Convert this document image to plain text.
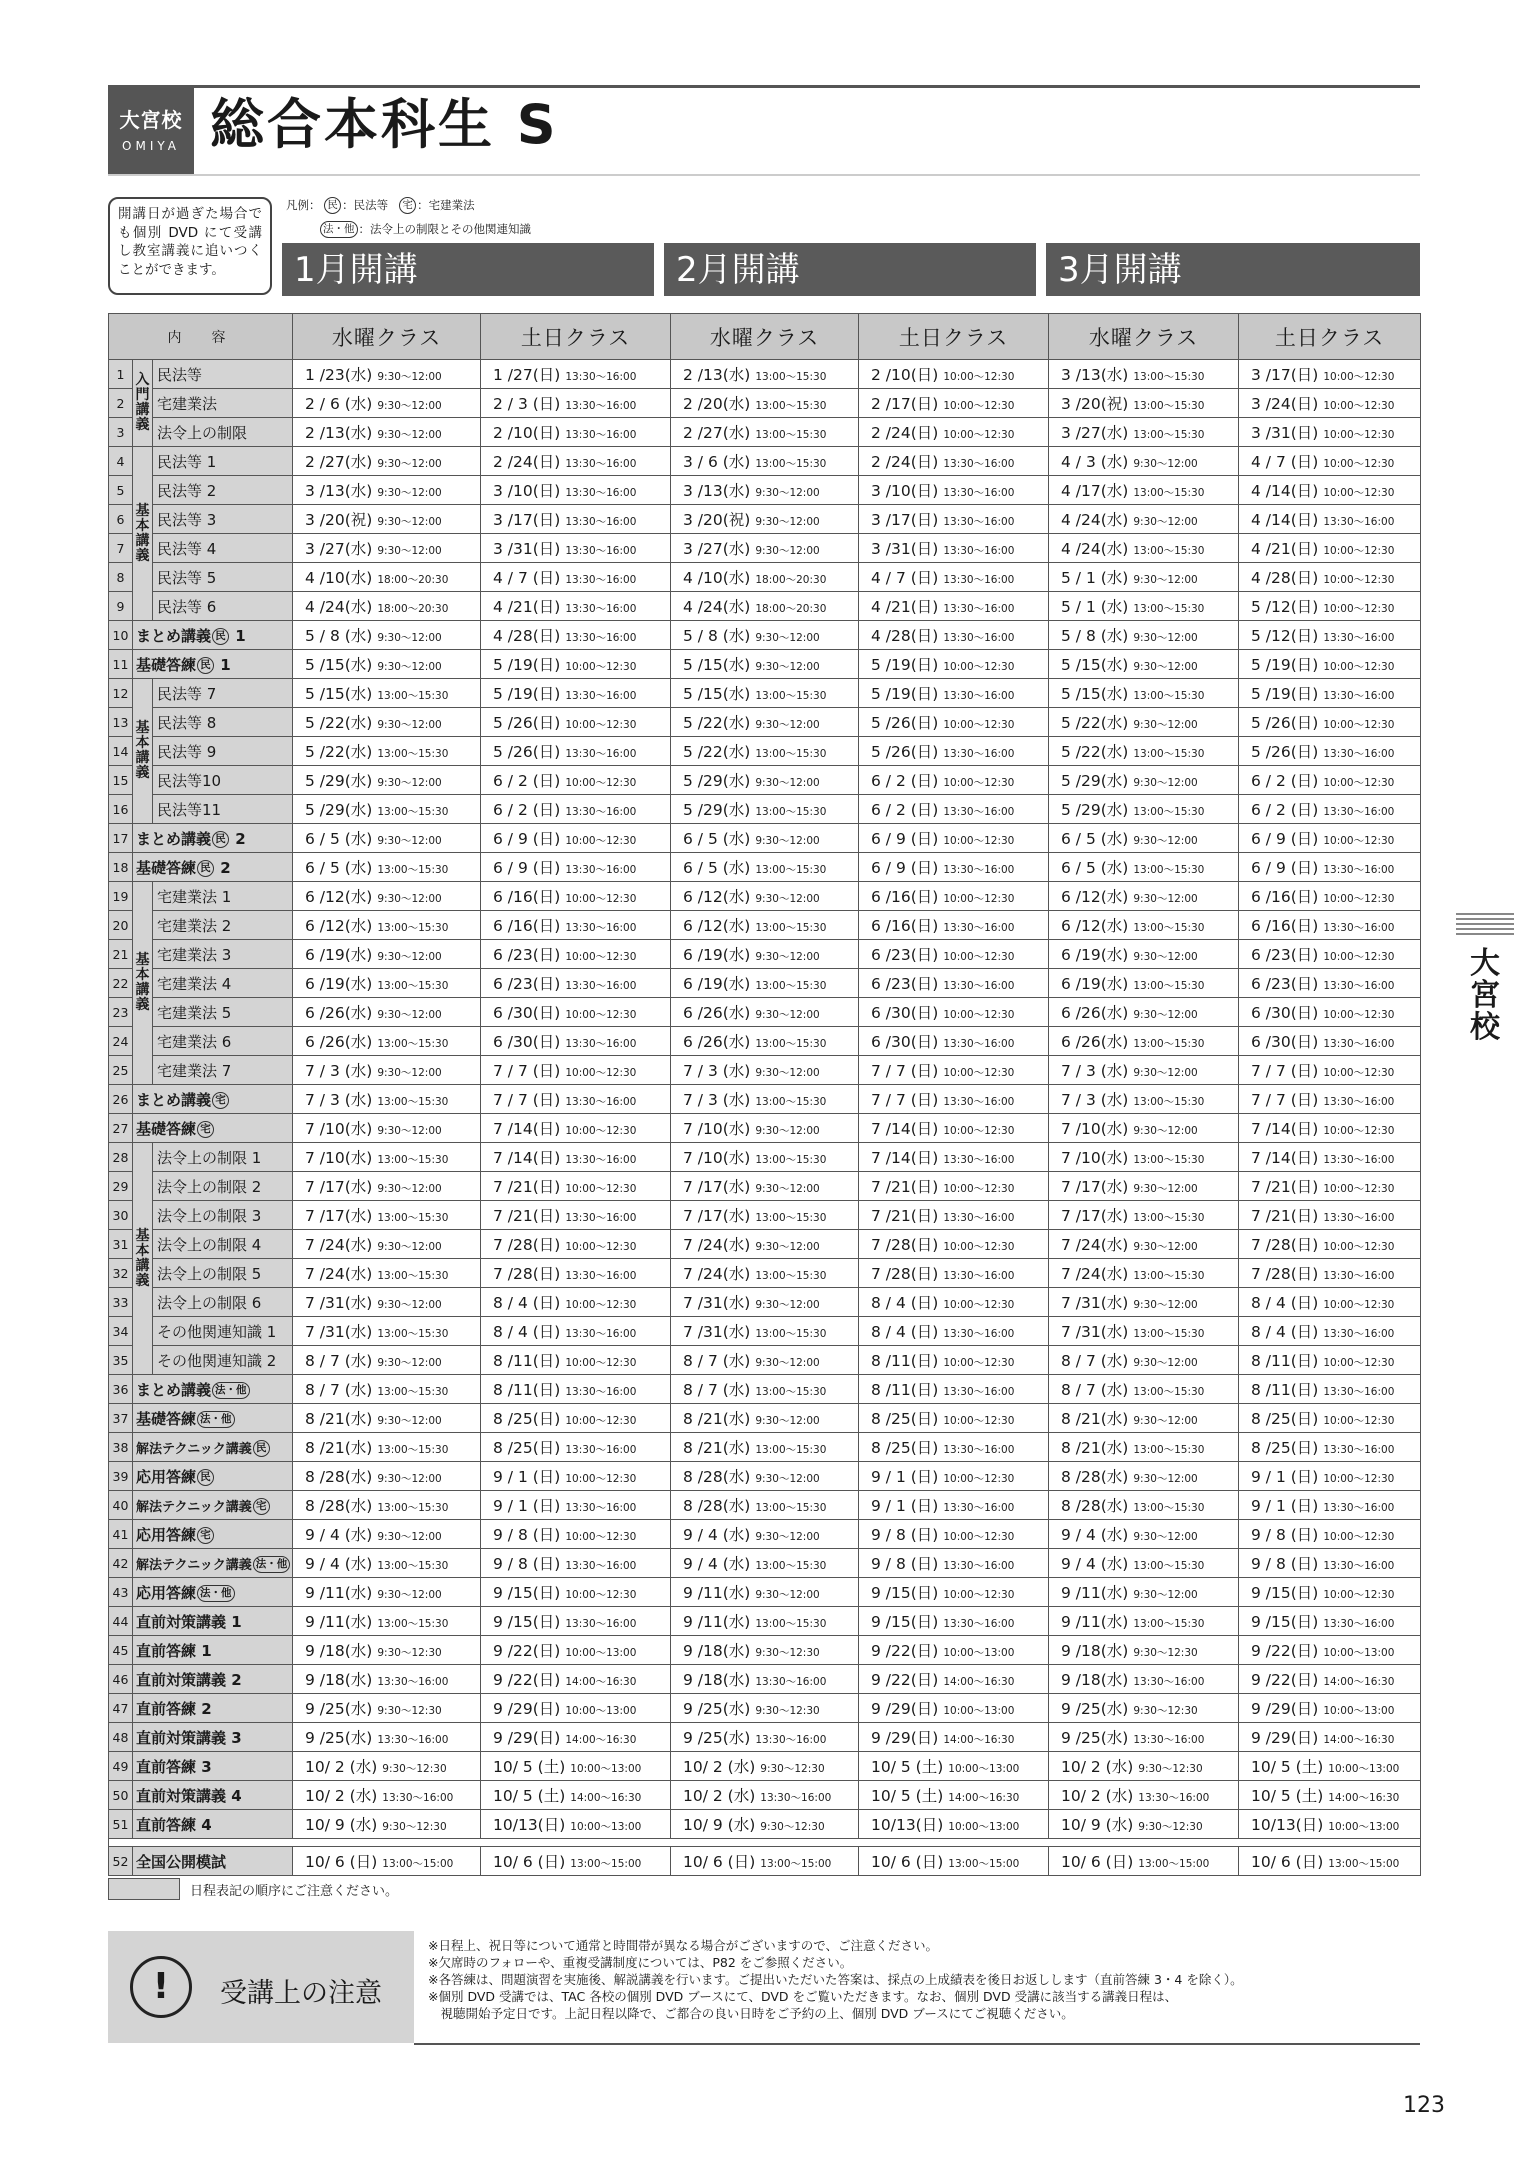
大宮校
OMIYA 総合本科生 S
開講日が過ぎた場合でも個別 DVD にて受講し教室講義に追いつくことができます。
凡例： 民 ：民法等 宅 ：宅建業法
法・他 ：法令上の制限とその他関連知識
1月開講	2月開講	3月開講
内　容			水曜クラス	土日クラス	水曜クラス	土日クラス	水曜クラス	土日クラス
1	入門講義	民法等	1 /23(水) 9:30～12:00	1 /27(日) 13:30～16:00	2 /13(水) 13:00～15:30	2 /10(日) 10:00～12:30	3 /13(水) 13:00～15:30	3 /17(日) 10:00～12:30
2		宅建業法	2 / 6 (水) 9:30～12:00	2 / 3 (日) 13:30～16:00	2 /20(水) 13:00～15:30	2 /17(日) 10:00～12:30	3 /20(祝) 13:00～15:30	3 /24(日) 10:00～12:30
3		法令上の制限	2 /13(水) 9:30～12:00	2 /10(日) 13:30～16:00	2 /27(水) 13:00～15:30	2 /24(日) 10:00～12:30	3 /27(水) 13:00～15:30	3 /31(日) 10:00～12:30
4	基本講義	民法等 1	2 /27(水) 9:30～12:00	2 /24(日) 13:30～16:00	3 / 6 (水) 13:00～15:30	2 /24(日) 13:30～16:00	4 / 3 (水) 9:30～12:00	4 / 7 (日) 10:00～12:30
5		民法等 2	3 /13(水) 9:30～12:00	3 /10(日) 13:30～16:00	3 /13(水) 9:30～12:00	3 /10(日) 13:30～16:00	4 /17(水) 13:00～15:30	4 /14(日) 10:00～12:30
6		民法等 3	3 /20(祝) 9:30～12:00	3 /17(日) 13:30～16:00	3 /20(祝) 9:30～12:00	3 /17(日) 13:30～16:00	4 /24(水) 9:30～12:00	4 /14(日) 13:30～16:00
7		民法等 4	3 /27(水) 9:30～12:00	3 /31(日) 13:30～16:00	3 /27(水) 9:30～12:00	3 /31(日) 13:30～16:00	4 /24(水) 13:00～15:30	4 /21(日) 10:00～12:30
8		民法等 5	4 /10(水) 18:00～20:30	4 / 7 (日) 13:30～16:00	4 /10(水) 18:00～20:30	4 / 7 (日) 13:30～16:00	5 / 1 (水) 9:30～12:00	4 /28(日) 10:00～12:30
9		民法等 6	4 /24(水) 18:00～20:30	4 /21(日) 13:30～16:00	4 /24(水) 18:00～20:30	4 /21(日) 13:30～16:00	5 / 1 (水) 13:00～15:30	5 /12(日) 10:00～12:30
10	まとめ講義 民 1		5 / 8 (水) 9:30～12:00	4 /28(日) 13:30～16:00	5 / 8 (水) 9:30～12:00	4 /28(日) 13:30～16:00	5 / 8 (水) 9:30～12:00	5 /12(日) 13:30～16:00
11	基礎答練 民 1		5 /15(水) 9:30～12:00	5 /19(日) 10:00～12:30	5 /15(水) 9:30～12:00	5 /19(日) 10:00～12:30	5 /15(水) 9:30～12:00	5 /19(日) 10:00～12:30
12	基本講義	民法等 7	5 /15(水) 13:00～15:30	5 /19(日) 13:30～16:00	5 /15(水) 13:00～15:30	5 /19(日) 13:30～16:00	5 /15(水) 13:00～15:30	5 /19(日) 13:30～16:00
13		民法等 8	5 /22(水) 9:30～12:00	5 /26(日) 10:00～12:30	5 /22(水) 9:30～12:00	5 /26(日) 10:00～12:30	5 /22(水) 9:30～12:00	5 /26(日) 10:00～12:30
14		民法等 9	5 /22(水) 13:00～15:30	5 /26(日) 13:30～16:00	5 /22(水) 13:00～15:30	5 /26(日) 13:30～16:00	5 /22(水) 13:00～15:30	5 /26(日) 13:30～16:00
15		民法等10	5 /29(水) 9:30～12:00	6 / 2 (日) 10:00～12:30	5 /29(水) 9:30～12:00	6 / 2 (日) 10:00～12:30	5 /29(水) 9:30～12:00	6 / 2 (日) 10:00～12:30
16		民法等11	5 /29(水) 13:00～15:30	6 / 2 (日) 13:30～16:00	5 /29(水) 13:00～15:30	6 / 2 (日) 13:30～16:00	5 /29(水) 13:00～15:30	6 / 2 (日) 13:30～16:00
17	まとめ講義 民 2		6 / 5 (水) 9:30～12:00	6 / 9 (日) 10:00～12:30	6 / 5 (水) 9:30～12:00	6 / 9 (日) 10:00～12:30	6 / 5 (水) 9:30～12:00	6 / 9 (日) 10:00～12:30
18	基礎答練 民 2		6 / 5 (水) 13:00～15:30	6 / 9 (日) 13:30～16:00	6 / 5 (水) 13:00～15:30	6 / 9 (日) 13:30～16:00	6 / 5 (水) 13:00～15:30	6 / 9 (日) 13:30～16:00
19	基本講義	宅建業法 1	6 /12(水) 9:30～12:00	6 /16(日) 10:00～12:30	6 /12(水) 9:30～12:00	6 /16(日) 10:00～12:30	6 /12(水) 9:30～12:00	6 /16(日) 10:00～12:30
20		宅建業法 2	6 /12(水) 13:00～15:30	6 /16(日) 13:30～16:00	6 /12(水) 13:00～15:30	6 /16(日) 13:30～16:00	6 /12(水) 13:00～15:30	6 /16(日) 13:30～16:00
21		宅建業法 3	6 /19(水) 9:30～12:00	6 /23(日) 10:00～12:30	6 /19(水) 9:30～12:00	6 /23(日) 10:00～12:30	6 /19(水) 9:30～12:00	6 /23(日) 10:00～12:30
22		宅建業法 4	6 /19(水) 13:00～15:30	6 /23(日) 13:30～16:00	6 /19(水) 13:00～15:30	6 /23(日) 13:30～16:00	6 /19(水) 13:00～15:30	6 /23(日) 13:30～16:00
23		宅建業法 5	6 /26(水) 9:30～12:00	6 /30(日) 10:00～12:30	6 /26(水) 9:30～12:00	6 /30(日) 10:00～12:30	6 /26(水) 9:30～12:00	6 /30(日) 10:00～12:30
24		宅建業法 6	6 /26(水) 13:00～15:30	6 /30(日) 13:30～16:00	6 /26(水) 13:00～15:30	6 /30(日) 13:30～16:00	6 /26(水) 13:00～15:30	6 /30(日) 13:30～16:00
25		宅建業法 7	7 / 3 (水) 9:30～12:00	7 / 7 (日) 10:00～12:30	7 / 3 (水) 9:30～12:00	7 / 7 (日) 10:00～12:30	7 / 3 (水) 9:30～12:00	7 / 7 (日) 10:00～12:30
26	まとめ講義 宅		7 / 3 (水) 13:00～15:30	7 / 7 (日) 13:30～16:00	7 / 3 (水) 13:00～15:30	7 / 7 (日) 13:30～16:00	7 / 3 (水) 13:00～15:30	7 / 7 (日) 13:30～16:00
27	基礎答練 宅		7 /10(水) 9:30～12:00	7 /14(日) 10:00～12:30	7 /10(水) 9:30～12:00	7 /14(日) 10:00～12:30	7 /10(水) 9:30～12:00	7 /14(日) 10:00～12:30
28	基本講義	法令上の制限 1	7 /10(水) 13:00～15:30	7 /14(日) 13:30～16:00	7 /10(水) 13:00～15:30	7 /14(日) 13:30～16:00	7 /10(水) 13:00～15:30	7 /14(日) 13:30～16:00
29		法令上の制限 2	7 /17(水) 9:30～12:00	7 /21(日) 10:00～12:30	7 /17(水) 9:30～12:00	7 /21(日) 10:00～12:30	7 /17(水) 9:30～12:00	7 /21(日) 10:00～12:30
30		法令上の制限 3	7 /17(水) 13:00～15:30	7 /21(日) 13:30～16:00	7 /17(水) 13:00～15:30	7 /21(日) 13:30～16:00	7 /17(水) 13:00～15:30	7 /21(日) 13:30～16:00
31		法令上の制限 4	7 /24(水) 9:30～12:00	7 /28(日) 10:00～12:30	7 /24(水) 9:30～12:00	7 /28(日) 10:00～12:30	7 /24(水) 9:30～12:00	7 /28(日) 10:00～12:30
32		法令上の制限 5	7 /24(水) 13:00～15:30	7 /28(日) 13:30～16:00	7 /24(水) 13:00～15:30	7 /28(日) 13:30～16:00	7 /24(水) 13:00～15:30	7 /28(日) 13:30～16:00
33		法令上の制限 6	7 /31(水) 9:30～12:00	8 / 4 (日) 10:00～12:30	7 /31(水) 9:30～12:00	8 / 4 (日) 10:00～12:30	7 /31(水) 9:30～12:00	8 / 4 (日) 10:00～12:30
34		その他関連知識 1	7 /31(水) 13:00～15:30	8 / 4 (日) 13:30～16:00	7 /31(水) 13:00～15:30	8 / 4 (日) 13:30～16:00	7 /31(水) 13:00～15:30	8 / 4 (日) 13:30～16:00
35		その他関連知識 2	8 / 7 (水) 9:30～12:00	8 /11(日) 10:00～12:30	8 / 7 (水) 9:30～12:00	8 /11(日) 10:00～12:30	8 / 7 (水) 9:30～12:00	8 /11(日) 10:00～12:30
36	まとめ講義 法・他		8 / 7 (水) 13:00～15:30	8 /11(日) 13:30～16:00	8 / 7 (水) 13:00～15:30	8 /11(日) 13:30～16:00	8 / 7 (水) 13:00～15:30	8 /11(日) 13:30～16:00
37	基礎答練 法・他		8 /21(水) 9:30～12:00	8 /25(日) 10:00～12:30	8 /21(水) 9:30～12:00	8 /25(日) 10:00～12:30	8 /21(水) 9:30～12:00	8 /25(日) 10:00～12:30
38	解法テクニック講義 民		8 /21(水) 13:00～15:30	8 /25(日) 13:30～16:00	8 /21(水) 13:00～15:30	8 /25(日) 13:30～16:00	8 /21(水) 13:00～15:30	8 /25(日) 13:30～16:00
39	応用答練 民		8 /28(水) 9:30～12:00	9 / 1 (日) 10:00～12:30	8 /28(水) 9:30～12:00	9 / 1 (日) 10:00～12:30	8 /28(水) 9:30～12:00	9 / 1 (日) 10:00～12:30
40	解法テクニック講義 宅		8 /28(水) 13:00～15:30	9 / 1 (日) 13:30～16:00	8 /28(水) 13:00～15:30	9 / 1 (日) 13:30～16:00	8 /28(水) 13:00～15:30	9 / 1 (日) 13:30～16:00
41	応用答練 宅		9 / 4 (水) 9:30～12:00	9 / 8 (日) 10:00～12:30	9 / 4 (水) 9:30～12:00	9 / 8 (日) 10:00～12:30	9 / 4 (水) 9:30～12:00	9 / 8 (日) 10:00～12:30
42	解法テクニック講義 法・他		9 / 4 (水) 13:00～15:30	9 / 8 (日) 13:30～16:00	9 / 4 (水) 13:00～15:30	9 / 8 (日) 13:30～16:00	9 / 4 (水) 13:00～15:30	9 / 8 (日) 13:30～16:00
43	応用答練 法・他		9 /11(水) 9:30～12:00	9 /15(日) 10:00～12:30	9 /11(水) 9:30～12:00	9 /15(日) 10:00～12:30	9 /11(水) 9:30～12:00	9 /15(日) 10:00～12:30
44	直前対策講義 1		9 /11(水) 13:00～15:30	9 /15(日) 13:30～16:00	9 /11(水) 13:00～15:30	9 /15(日) 13:30～16:00	9 /11(水) 13:00～15:30	9 /15(日) 13:30～16:00
45	直前答練 1		9 /18(水) 9:30～12:30	9 /22(日) 10:00～13:00	9 /18(水) 9:30～12:30	9 /22(日) 10:00～13:00	9 /18(水) 9:30～12:30	9 /22(日) 10:00～13:00
46	直前対策講義 2		9 /18(水) 13:30～16:00	9 /22(日) 14:00～16:30	9 /18(水) 13:30～16:00	9 /22(日) 14:00～16:30	9 /18(水) 13:30～16:00	9 /22(日) 14:00～16:30
47	直前答練 2		9 /25(水) 9:30～12:30	9 /29(日) 10:00～13:00	9 /25(水) 9:30～12:30	9 /29(日) 10:00～13:00	9 /25(水) 9:30～12:30	9 /29(日) 10:00～13:00
48	直前対策講義 3		9 /25(水) 13:30～16:00	9 /29(日) 14:00～16:30	9 /25(水) 13:30～16:00	9 /29(日) 14:00～16:30	9 /25(水) 13:30～16:00	9 /29(日) 14:00～16:30
49	直前答練 3		10/ 2 (水) 9:30～12:30	10/ 5 (土) 10:00～13:00	10/ 2 (水) 9:30～12:30	10/ 5 (土) 10:00～13:00	10/ 2 (水) 9:30～12:30	10/ 5 (土) 10:00～13:00
50	直前対策講義 4		10/ 2 (水) 13:30～16:00	10/ 5 (土) 14:00～16:30	10/ 2 (水) 13:30～16:00	10/ 5 (土) 14:00～16:30	10/ 2 (水) 13:30～16:00	10/ 5 (土) 14:00～16:30
51	直前答練 4		10/ 9 (水) 9:30～12:30	10/13(日) 10:00～13:00	10/ 9 (水) 9:30～12:30	10/13(日) 10:00～13:00	10/ 9 (水) 9:30～12:30	10/13(日) 10:00～13:00

52	全国公開模試		10/ 6 (日) 13:00～15:00	10/ 6 (日) 13:00～15:00	10/ 6 (日) 13:00～15:00	10/ 6 (日) 13:00～15:00	10/ 6 (日) 13:00～15:00	10/ 6 (日) 13:00～15:00
日程表記の順序にご注意ください。
!	受講上の注意
※日程上、祝日等について通常と時間帯が異なる場合がございますので、ご注意ください。
※欠席時のフォローや、重複受講制度については、P82 をご参照ください。
※各答練は、問題演習を実施後、解説講義を行います。ご提出いただいた答案は、採点の上成績表を後日お返しします（直前答練 3・4 を除く）。
※個別 DVD 受講では、TAC 各校の個別 DVD ブースにて、DVD をご覧いただきます。なお、個別 DVD 受講に該当する講義日程は、
　視聴開始予定日です。上記日程以降で、ご都合の良い日時をご予約の上、個別 DVD ブースにてご視聴ください。
大
宮
校
123
